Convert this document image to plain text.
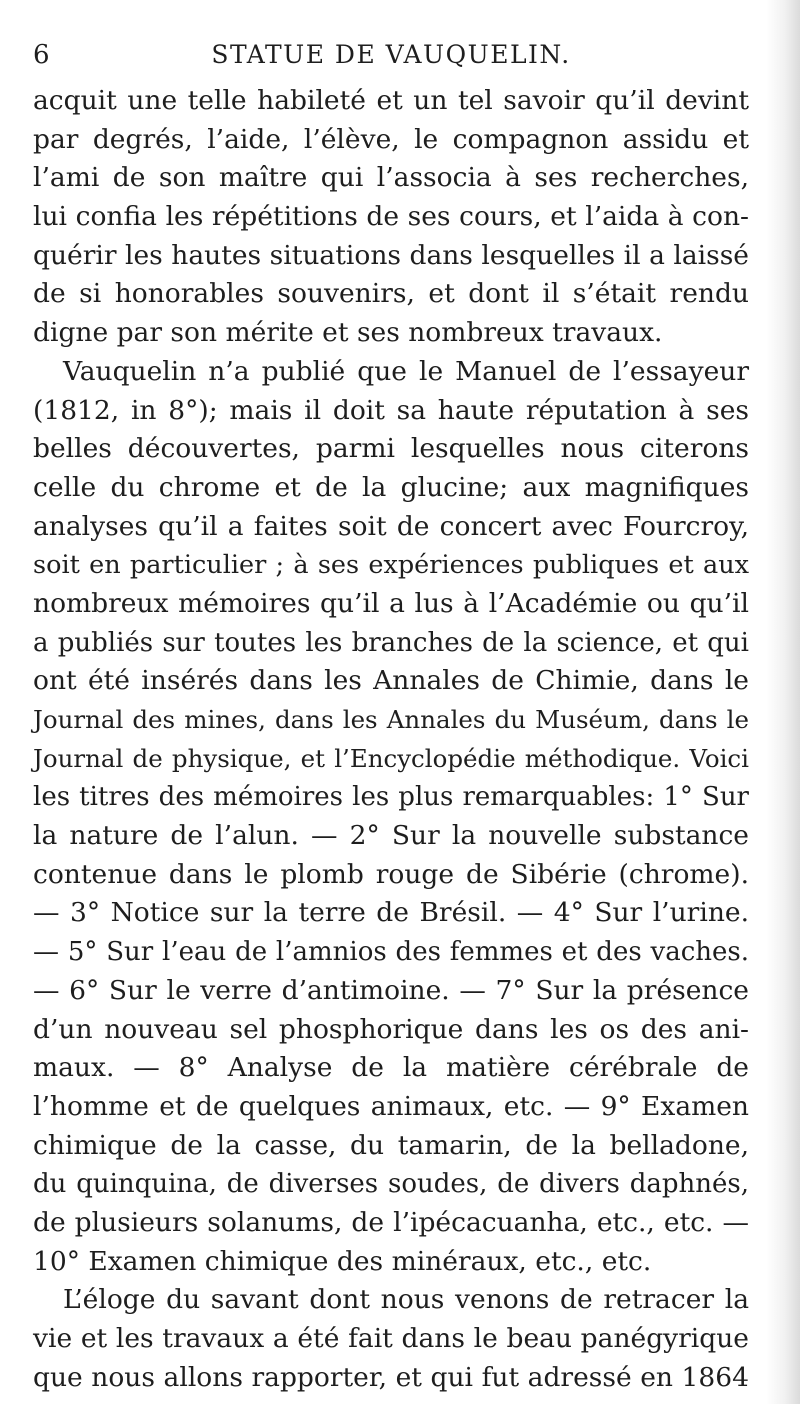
6	STATUE DE VAUQUELIN.
acquit une telle habileté et un tel savoir qu’il devint
par degrés, l’aide, l’élève, le compagnon assidu et
l’ami de son maître qui l’associa à ses recherches,
lui confia les répétitions de ses cours, et l’aida à con-
quérir les hautes situations dans lesquelles il a laissé
de si honorables souvenirs, et dont il s’était rendu
digne par son mérite et ses nombreux travaux.
Vauquelin n’a publié que le Manuel de l’essayeur
(1812, in 8°); mais il doit sa haute réputation à ses
belles découvertes, parmi lesquelles nous citerons
celle du chrome et de la glucine; aux magnifiques
analyses qu’il a faites soit de concert avec Fourcroy,
soit en particulier ; à ses expériences publiques et aux
nombreux mémoires qu’il a lus à l’Académie ou qu’il
a publiés sur toutes les branches de la science, et qui
ont été insérés dans les Annales de Chimie, dans le
Journal des mines, dans les Annales du Muséum, dans le
Journal de physique, et l’Encyclopédie méthodique. Voici
les titres des mémoires les plus remarquables: 1° Sur
la nature de l’alun. — 2° Sur la nouvelle substance
contenue dans le plomb rouge de Sibérie (chrome).
— 3° Notice sur la terre de Brésil. — 4° Sur l’urine.
— 5° Sur l’eau de l’amnios des femmes et des vaches.
— 6° Sur le verre d’antimoine. — 7° Sur la présence
d’un nouveau sel phosphorique dans les os des ani-
maux. — 8° Analyse de la matière cérébrale de
l’homme et de quelques animaux, etc. — 9° Examen
chimique de la casse, du tamarin, de la belladone,
du quinquina, de diverses soudes, de divers daphnés,
de plusieurs solanums, de l’ipécacuanha, etc., etc. —
10° Examen chimique des minéraux, etc., etc.
L’éloge du savant dont nous venons de retracer la
vie et les travaux a été fait dans le beau panégyrique
que nous allons rapporter, et qui fut adressé en 1864
